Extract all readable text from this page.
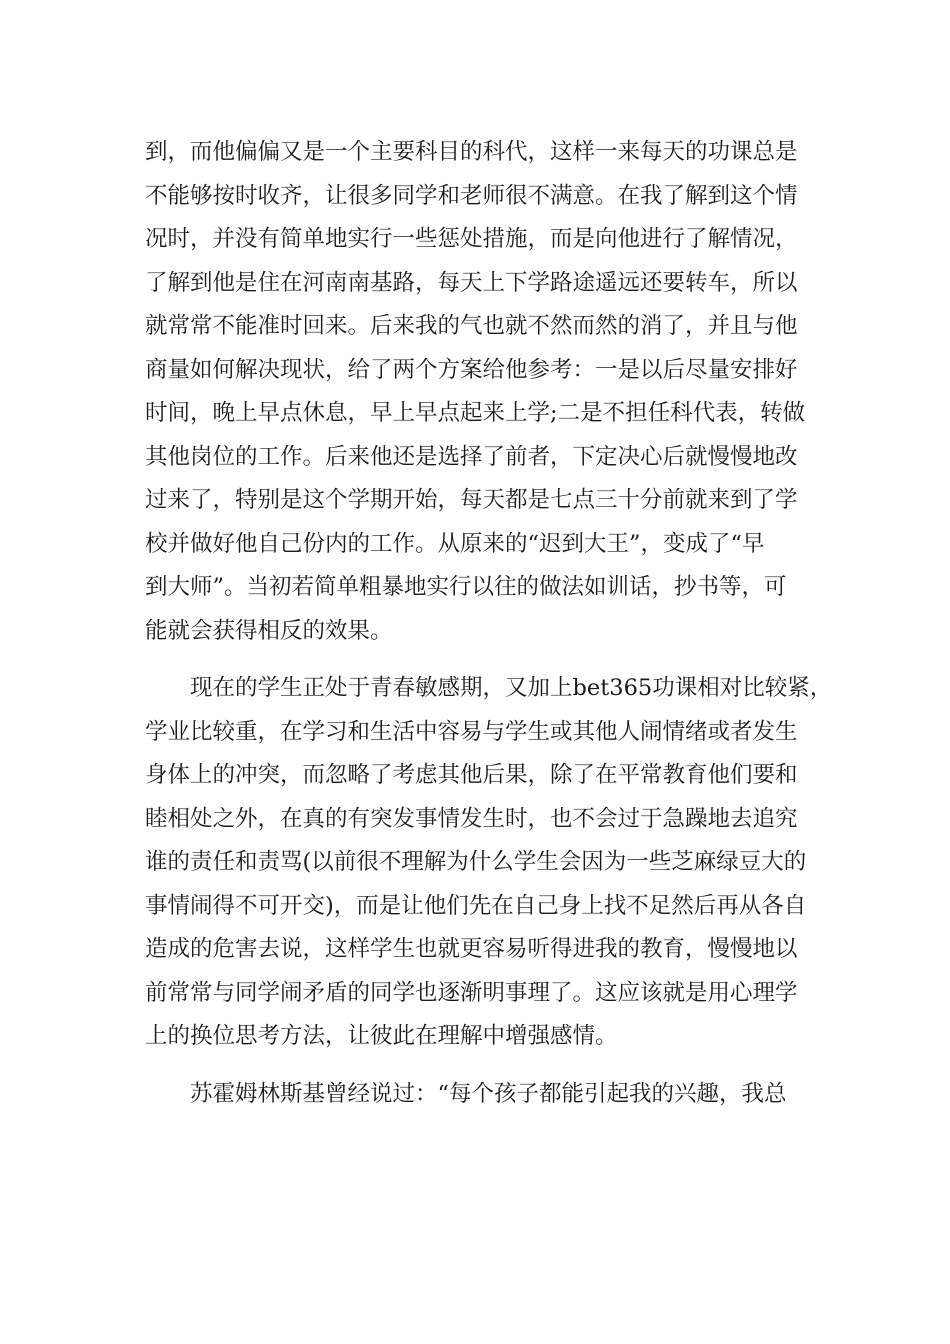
到，而他偏偏又是一个主要科目的科代，这样一来每天的功课总是
不能够按时收齐，让很多同学和老师很不满意。在我了解到这个情
况时，并没有简单地实行一些惩处措施，而是向他进行了解情况，
了解到他是住在河南南基路，每天上下学路途遥远还要转车，所以
就常常不能准时回来。后来我的气也就不然而然的消了，并且与他
商量如何解决现状，给了两个方案给他参考：一是以后尽量安排好
时间，晚上早点休息，早上早点起来上学;二是不担任科代表，转做
其他岗位的工作。后来他还是选择了前者，下定决心后就慢慢地改
过来了，特别是这个学期开始，每天都是七点三十分前就来到了学
校并做好他自己份内的工作。从原来的“迟到大王”，变成了“早
到大师”。当初若简单粗暴地实行以往的做法如训话，抄书等，可
能就会获得相反的效果。
　　现在的学生正处于青春敏感期，又加上bet365功课相对比较紧，
学业比较重，在学习和生活中容易与学生或其他人闹情绪或者发生
身体上的冲突，而忽略了考虑其他后果，除了在平常教育他们要和
睦相处之外，在真的有突发事情发生时，也不会过于急躁地去追究
谁的责任和责骂(以前很不理解为什么学生会因为一些芝麻绿豆大的
事情闹得不可开交)，而是让他们先在自己身上找不足然后再从各自
造成的危害去说，这样学生也就更容易听得进我的教育，慢慢地以
前常常与同学闹矛盾的同学也逐渐明事理了。这应该就是用心理学
上的换位思考方法，让彼此在理解中增强感情。
　　苏霍姆林斯基曾经说过：“每个孩子都能引起我的兴趣，我总
